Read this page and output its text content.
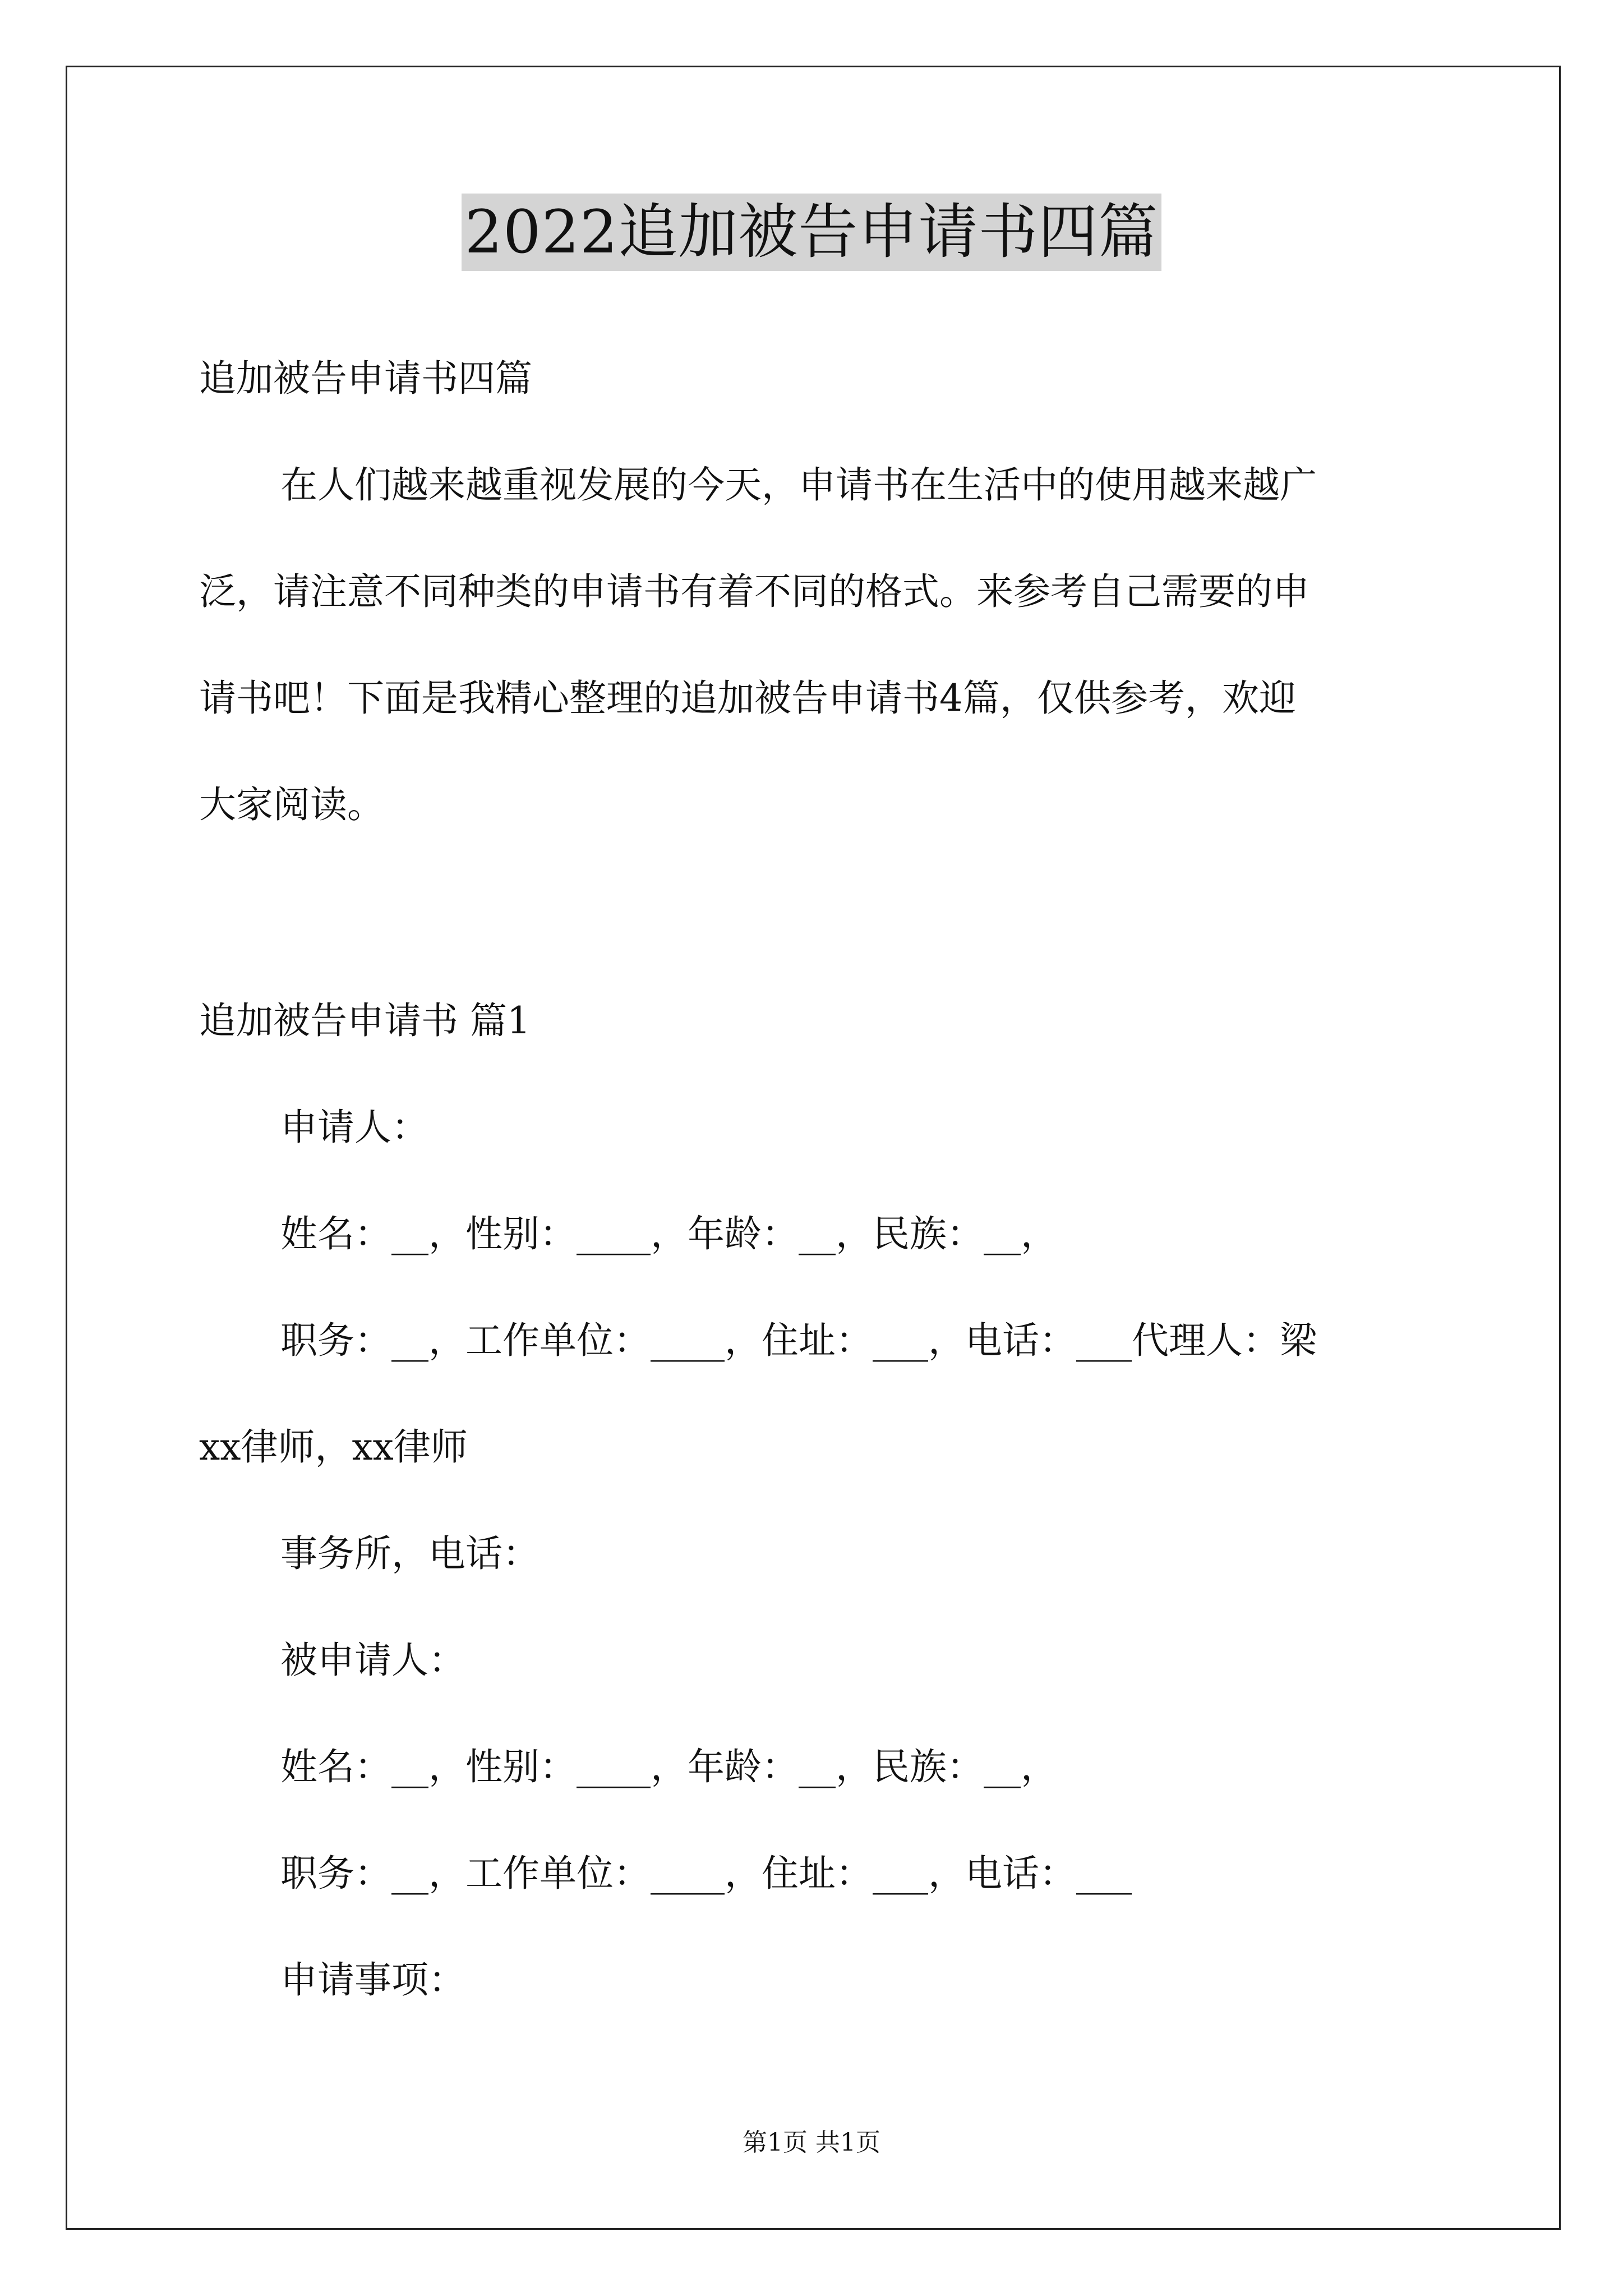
2022追加被告申请书四篇
追加被告申请书四篇
在人们越来越重视发展的今天，申请书在生活中的使用越来越广
泛，请注意不同种类的申请书有着不同的格式。来参考自己需要的申
请书吧！下面是我精心整理的追加被告申请书4篇，仅供参考，欢迎
大家阅读。
追加被告申请书 篇1
申请人：
姓名：__，性别：____，年龄：__，民族：__，
职务：__，工作单位：____，住址：___，电话：___代理人：梁
xx律师，xx律师
事务所，电话：
被申请人：
姓名：__，性别：____，年龄：__，民族：__，
职务：__，工作单位：____，住址：___，电话：___
申请事项：
第1页 共1页
